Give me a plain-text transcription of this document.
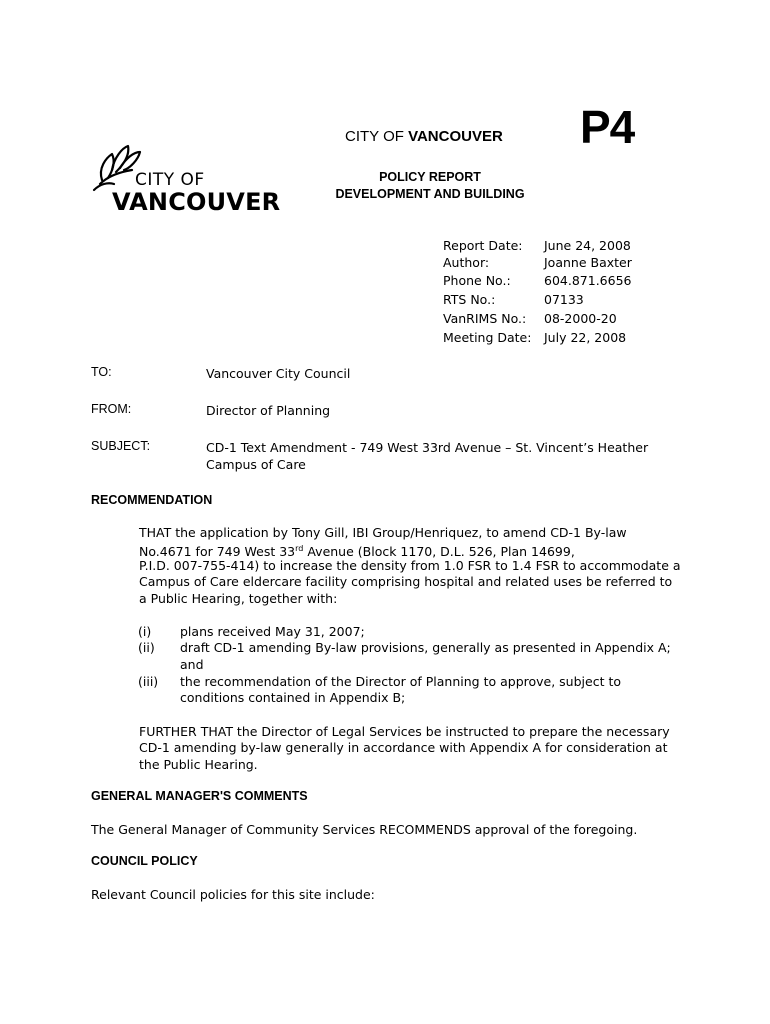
P4
CITY OF VANCOUVER
CITY OF
VANCOUVER
POLICY REPORT
DEVELOPMENT AND BUILDING
Report Date: June 24, 2008
Author:	Joanne Baxter
Phone No.:	604.871.6656
RTS No.:	07133
VanRIMS No.: 08-2000-20
Meeting Date: July 22, 2008
TO:	Vancouver City Council
FROM:	Director of Planning
SUBJECT:	CD-1 Text Amendment - 749 West 33rd Avenue – St. Vincent’s Heather
Campus of Care
RECOMMENDATION
THAT the application by Tony Gill, IBI Group/Henriquez, to amend CD-1 By-law
No.4671 for 749 West 33rd Avenue (Block 1170, D.L. 526, Plan 14699,
P.I.D. 007-755-414) to increase the density from 1.0 FSR to 1.4 FSR to accommodate a
Campus of Care eldercare facility comprising hospital and related uses be referred to
a Public Hearing, together with:
(i) plans received May 31, 2007;
(ii) draft CD-1 amending By-law provisions, generally as presented in Appendix A;
and
(iii) the recommendation of the Director of Planning to approve, subject to
conditions contained in Appendix B;
FURTHER THAT the Director of Legal Services be instructed to prepare the necessary
CD-1 amending by-law generally in accordance with Appendix A for consideration at
the Public Hearing.
GENERAL MANAGER'S COMMENTS
The General Manager of Community Services RECOMMENDS approval of the foregoing.
COUNCIL POLICY
Relevant Council policies for this site include:
